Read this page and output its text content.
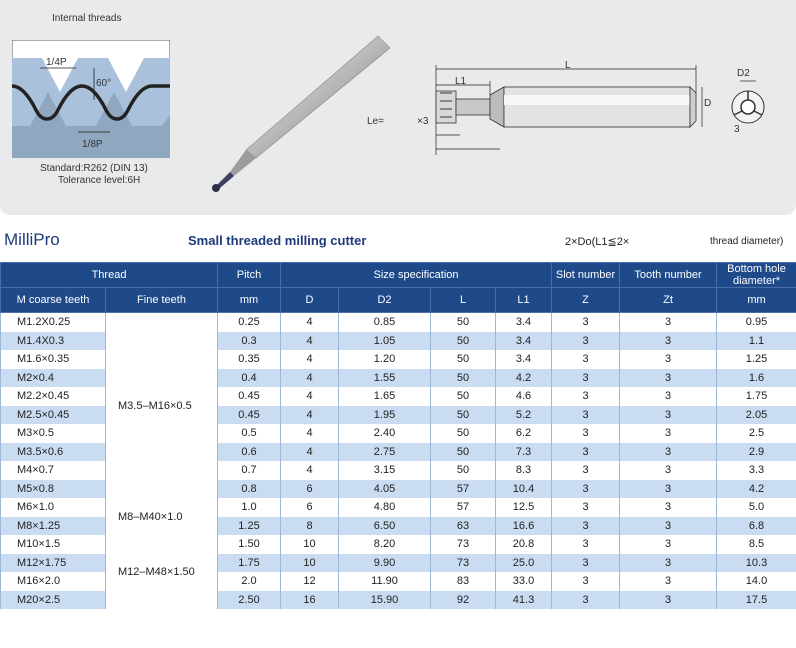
Internal threads
1/4P
60°
1/8P
Standard:R262 (DIN 13)
Tolerance level:6H
L
L1
D
D2
Le=	×3
3
MilliPro	Small threaded milling cutter	2×Do(L1≦2×	thread diameter)
Thread		Pitch	Size specification				Slot number	Tooth number	Bottom hole diameter*
M coarse teeth	Fine teeth	mm	D	D2	L	L1	Z	Zt	mm
M1.2X0.25	M3.5–M16×0.5	0.25	4	0.85	50	3.4	3	3	0.95
M1.4X0.3		0.3	4	1.05	50	3.4	3	3	1.1
M1.6×0.35		0.35	4	1.20	50	3.4	3	3	1.25
M2×0.4		0.4	4	1.55	50	4.2	3	3	1.6
M2.2×0.45		0.45	4	1.65	50	4.6	3	3	1.75
M2.5×0.45		0.45	4	1.95	50	5.2	3	3	2.05
M3×0.5		0.5	4	2.40	50	6.2	3	3	2.5
M3.5×0.6		0.6	4	2.75	50	7.3	3	3	2.9
M4×0.7		0.7	4	3.15	50	8.3	3	3	3.3
M5×0.8		0.8	6	4.05	57	10.4	3	3	4.2
M6×1.0	M8–M40×1.0	1.0	6	4.80	57	12.5	3	3	5.0
M8×1.25		1.25	8	6.50	63	16.6	3	3	6.8
M10×1.5	M12–M48×1.50	1.50	10	8.20	73	20.8	3	3	8.5
M12×1.75		1.75	10	9.90	73	25.0	3	3	10.3
M16×2.0		2.0	12	11.90	83	33.0	3	3	14.0
M20×2.5		2.50	16	15.90	92	41.3	3	3	17.5
